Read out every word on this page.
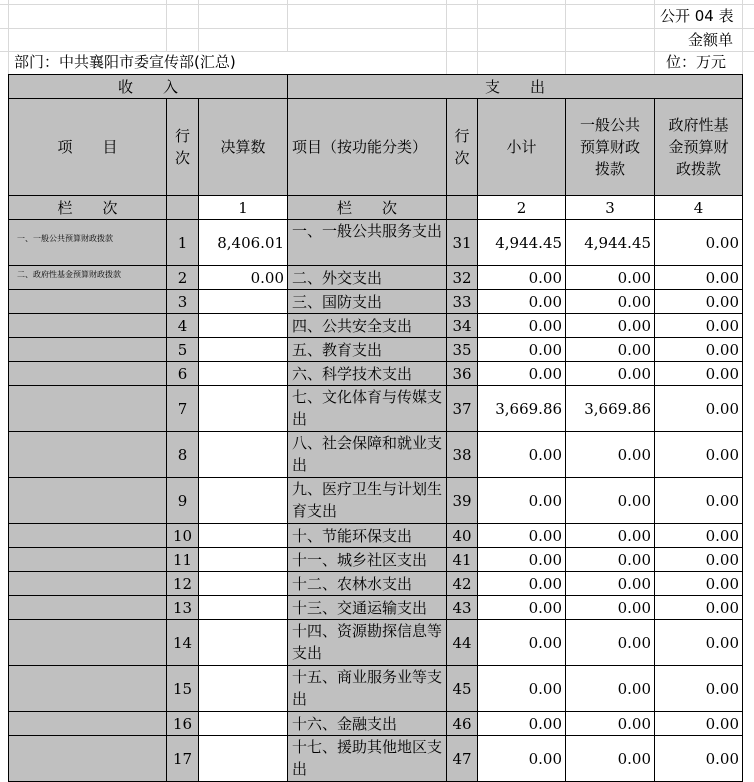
公开 04 表
金额单
部门：中共襄阳市委宣传部(汇总)	位：万元
收　　入			支　　出				
项　　目	行次	决算数	项目（按功能分类）	行次	小计	一般公共预算财政拨款	政府性基金预算财政拨款
栏　　次		1	栏　　次		2	3	4
一、一般公共预算财政拨款	1	8,406.01	一、一般公共服务支出	31	4,944.45	4,944.45	0.00
二、政府性基金预算财政拨款	2	0.00	二、外交支出	32	0.00	0.00	0.00
	3		三、国防支出	33	0.00	0.00	0.00
	4		四、公共安全支出	34	0.00	0.00	0.00
	5		五、教育支出	35	0.00	0.00	0.00
	6		六、科学技术支出	36	0.00	0.00	0.00
	7		七、文化体育与传媒支出	37	3,669.86	3,669.86	0.00
	8		八、社会保障和就业支出	38	0.00	0.00	0.00
	9		九、医疗卫生与计划生育支出	39	0.00	0.00	0.00
	10		十、节能环保支出	40	0.00	0.00	0.00
	11		十一、城乡社区支出	41	0.00	0.00	0.00
	12		十二、农林水支出	42	0.00	0.00	0.00
	13		十三、交通运输支出	43	0.00	0.00	0.00
	14		十四、资源勘探信息等支出	44	0.00	0.00	0.00
	15		十五、商业服务业等支出	45	0.00	0.00	0.00
	16		十六、金融支出	46	0.00	0.00	0.00
	17		十七、援助其他地区支出	47	0.00	0.00	0.00
